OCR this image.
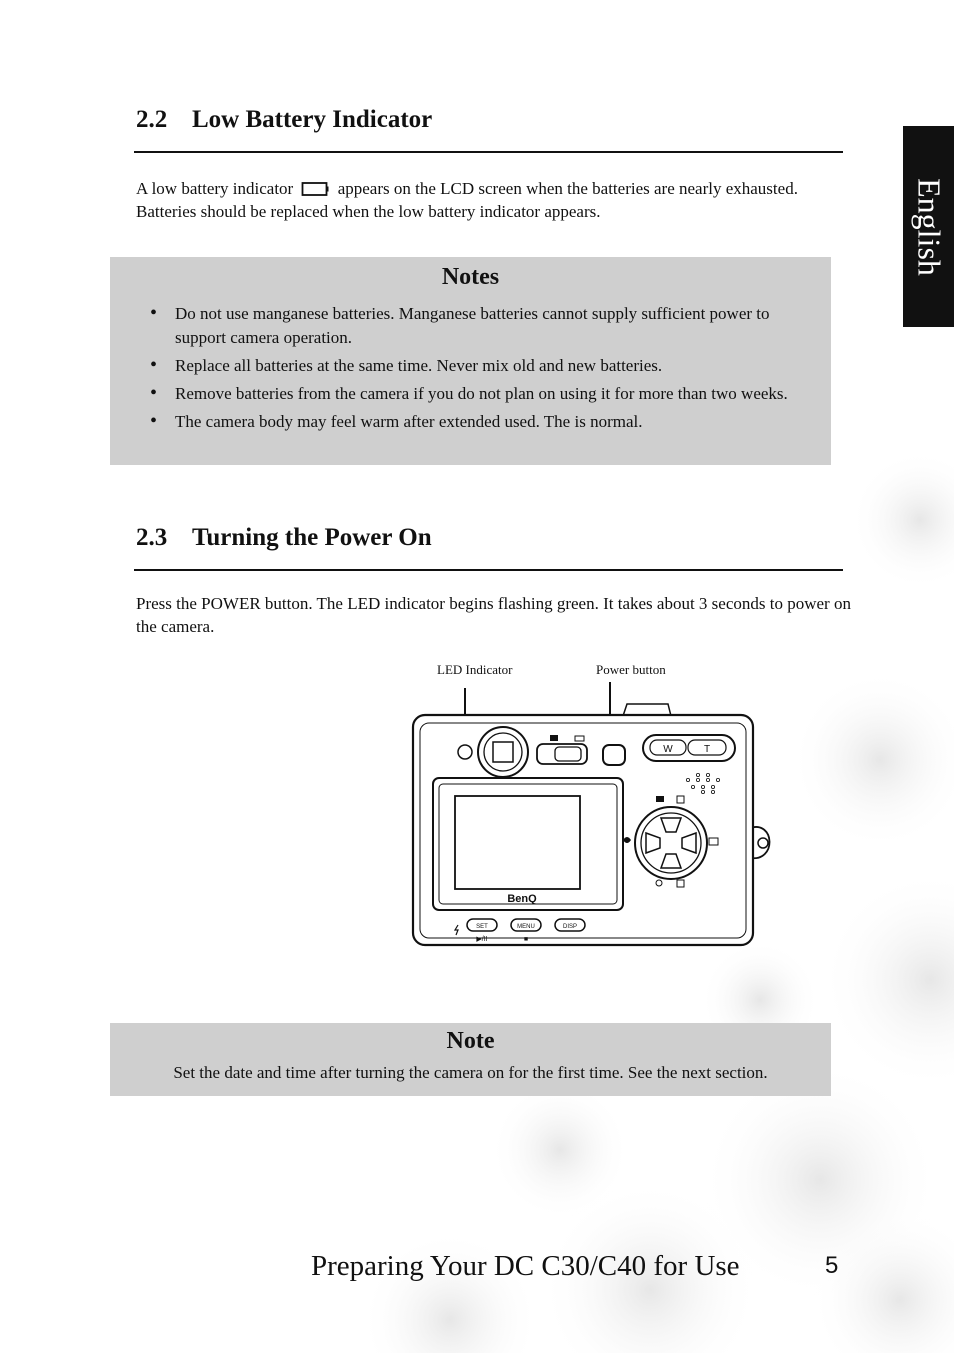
English
2.2 Low Battery Indicator

A low battery indicator	appears on the LCD screen when the batteries are nearly exhausted. Batteries should be replaced when the low battery indicator appears.

Notes
• Do not use manganese batteries. Manganese batteries cannot supply sufficient power to support camera operation.
• Replace all batteries at the same time. Never mix old and new batteries.
• Remove batteries from the camera if you do not plan on using it for more than two weeks.
• The camera body may feel warm after extended used. The is normal.
2.3 Turning the Power On

Press the POWER button. The LED indicator begins flashing green. It takes about 3 seconds to power on the camera.

LED Indicator	Power button
W	T
BenQ
SET
▶/II
MENU
■
DISP
Note

Set the date and time after turning the camera on for the first time. See the next section.

Preparing Your DC C30/C40 for Use	5
